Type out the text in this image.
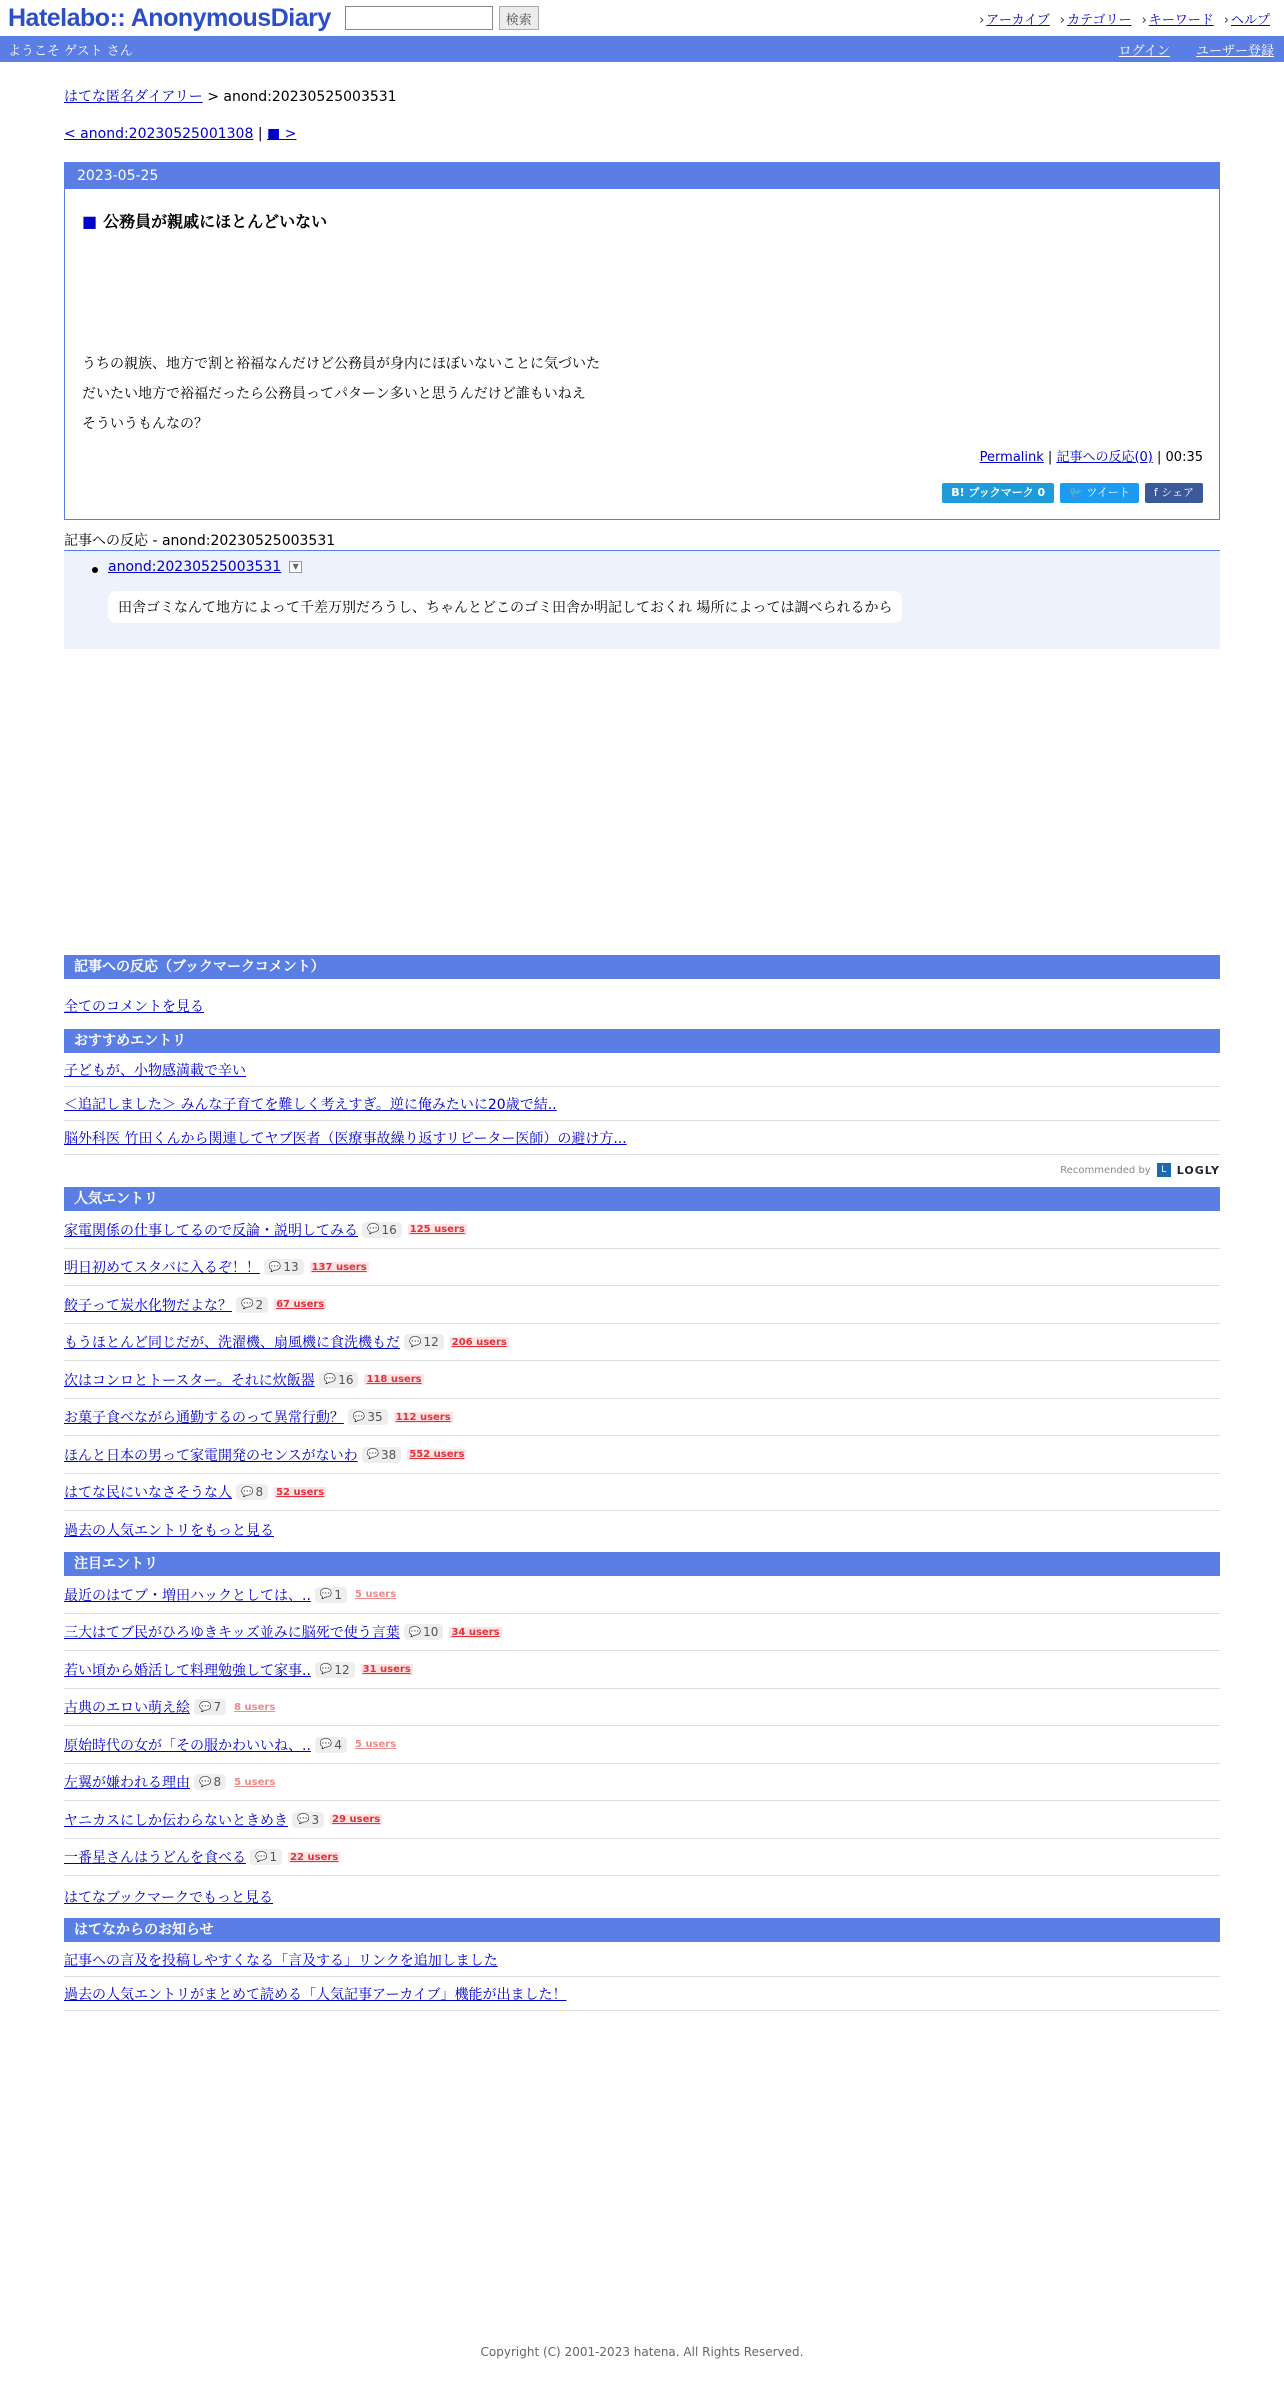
Hatelabo:: AnonymousDiary	検索	› アーカイブ	› カテゴリー	› キーワード	› ヘルプ
ようこそ ゲスト さん	ログイン ユーザー登録
はてな匿名ダイアリー > anond:20230525003531
< anond:20230525001308 | ■ >
2023-05-25
■ 公務員が親戚にほとんどいない
うちの親族、地方で割と裕福なんだけど公務員が身内にほぼいないことに気づいた
だいたい地方で裕福だったら公務員ってパターン多いと思うんだけど誰もいねえ
そういうもんなの？
Permalink | 記事への反応(0) | 00:35
B! ブックマーク 0	🐦 ツイート	f シェア
記事への反応 - anond:20230525003531
anond:20230525003531 ▼
田舎ゴミなんて地方によって千差万別だろうし、ちゃんとどこのゴミ田舎か明記しておくれ 場所によっては調べられるから
記事への反応（ブックマークコメント）
全てのコメントを見る
おすすめエントリ
子どもが、小物感満載で辛い
＜追記しました＞ みんな子育てを難しく考えすぎ。逆に俺みたいに20歳で結..
脳外科医 竹田くんから関連してヤブ医者（医療事故繰り返すリピーター医師）の避け方...
Recommended by	L LOGLY
人気エントリ
家電関係の仕事してるので反論・説明してみる 💬 16 125 users
明日初めてスタバに入るぞ！！ 💬 13 137 users
餃子って炭水化物だよな？ 💬 2 67 users
もうほとんど同じだが、洗濯機、扇風機に食洗機もだ 💬 12 206 users
次はコンロとトースター。それに炊飯器 💬 16 118 users
お菓子食べながら通勤するのって異常行動？ 💬 35 112 users
ほんと日本の男って家電開発のセンスがないわ 💬 38 552 users
はてな民にいなさそうな人 💬 8 52 users
過去の人気エントリをもっと見る
注目エントリ
最近のはてブ・増田ハックとしては、.. 💬 1 5 users
三大はてブ民がひろゆきキッズ並みに脳死で使う言葉 💬 10 34 users
若い頃から婚活して料理勉強して家事.. 💬 12 31 users
古典のエロい萌え絵 💬 7 8 users
原始時代の女が「その服かわいいね、.. 💬 4 5 users
左翼が嫌われる理由 💬 8 5 users
ヤニカスにしか伝わらないときめき 💬 3 29 users
一番星さんはうどんを食べる 💬 1 22 users
はてなブックマークでもっと見る
はてなからのお知らせ
記事への言及を投稿しやすくなる「言及する」リンクを追加しました
過去の人気エントリがまとめて読める「人気記事アーカイブ」機能が出ました！
Copyright (C) 2001-2023 hatena. All Rights Reserved.
